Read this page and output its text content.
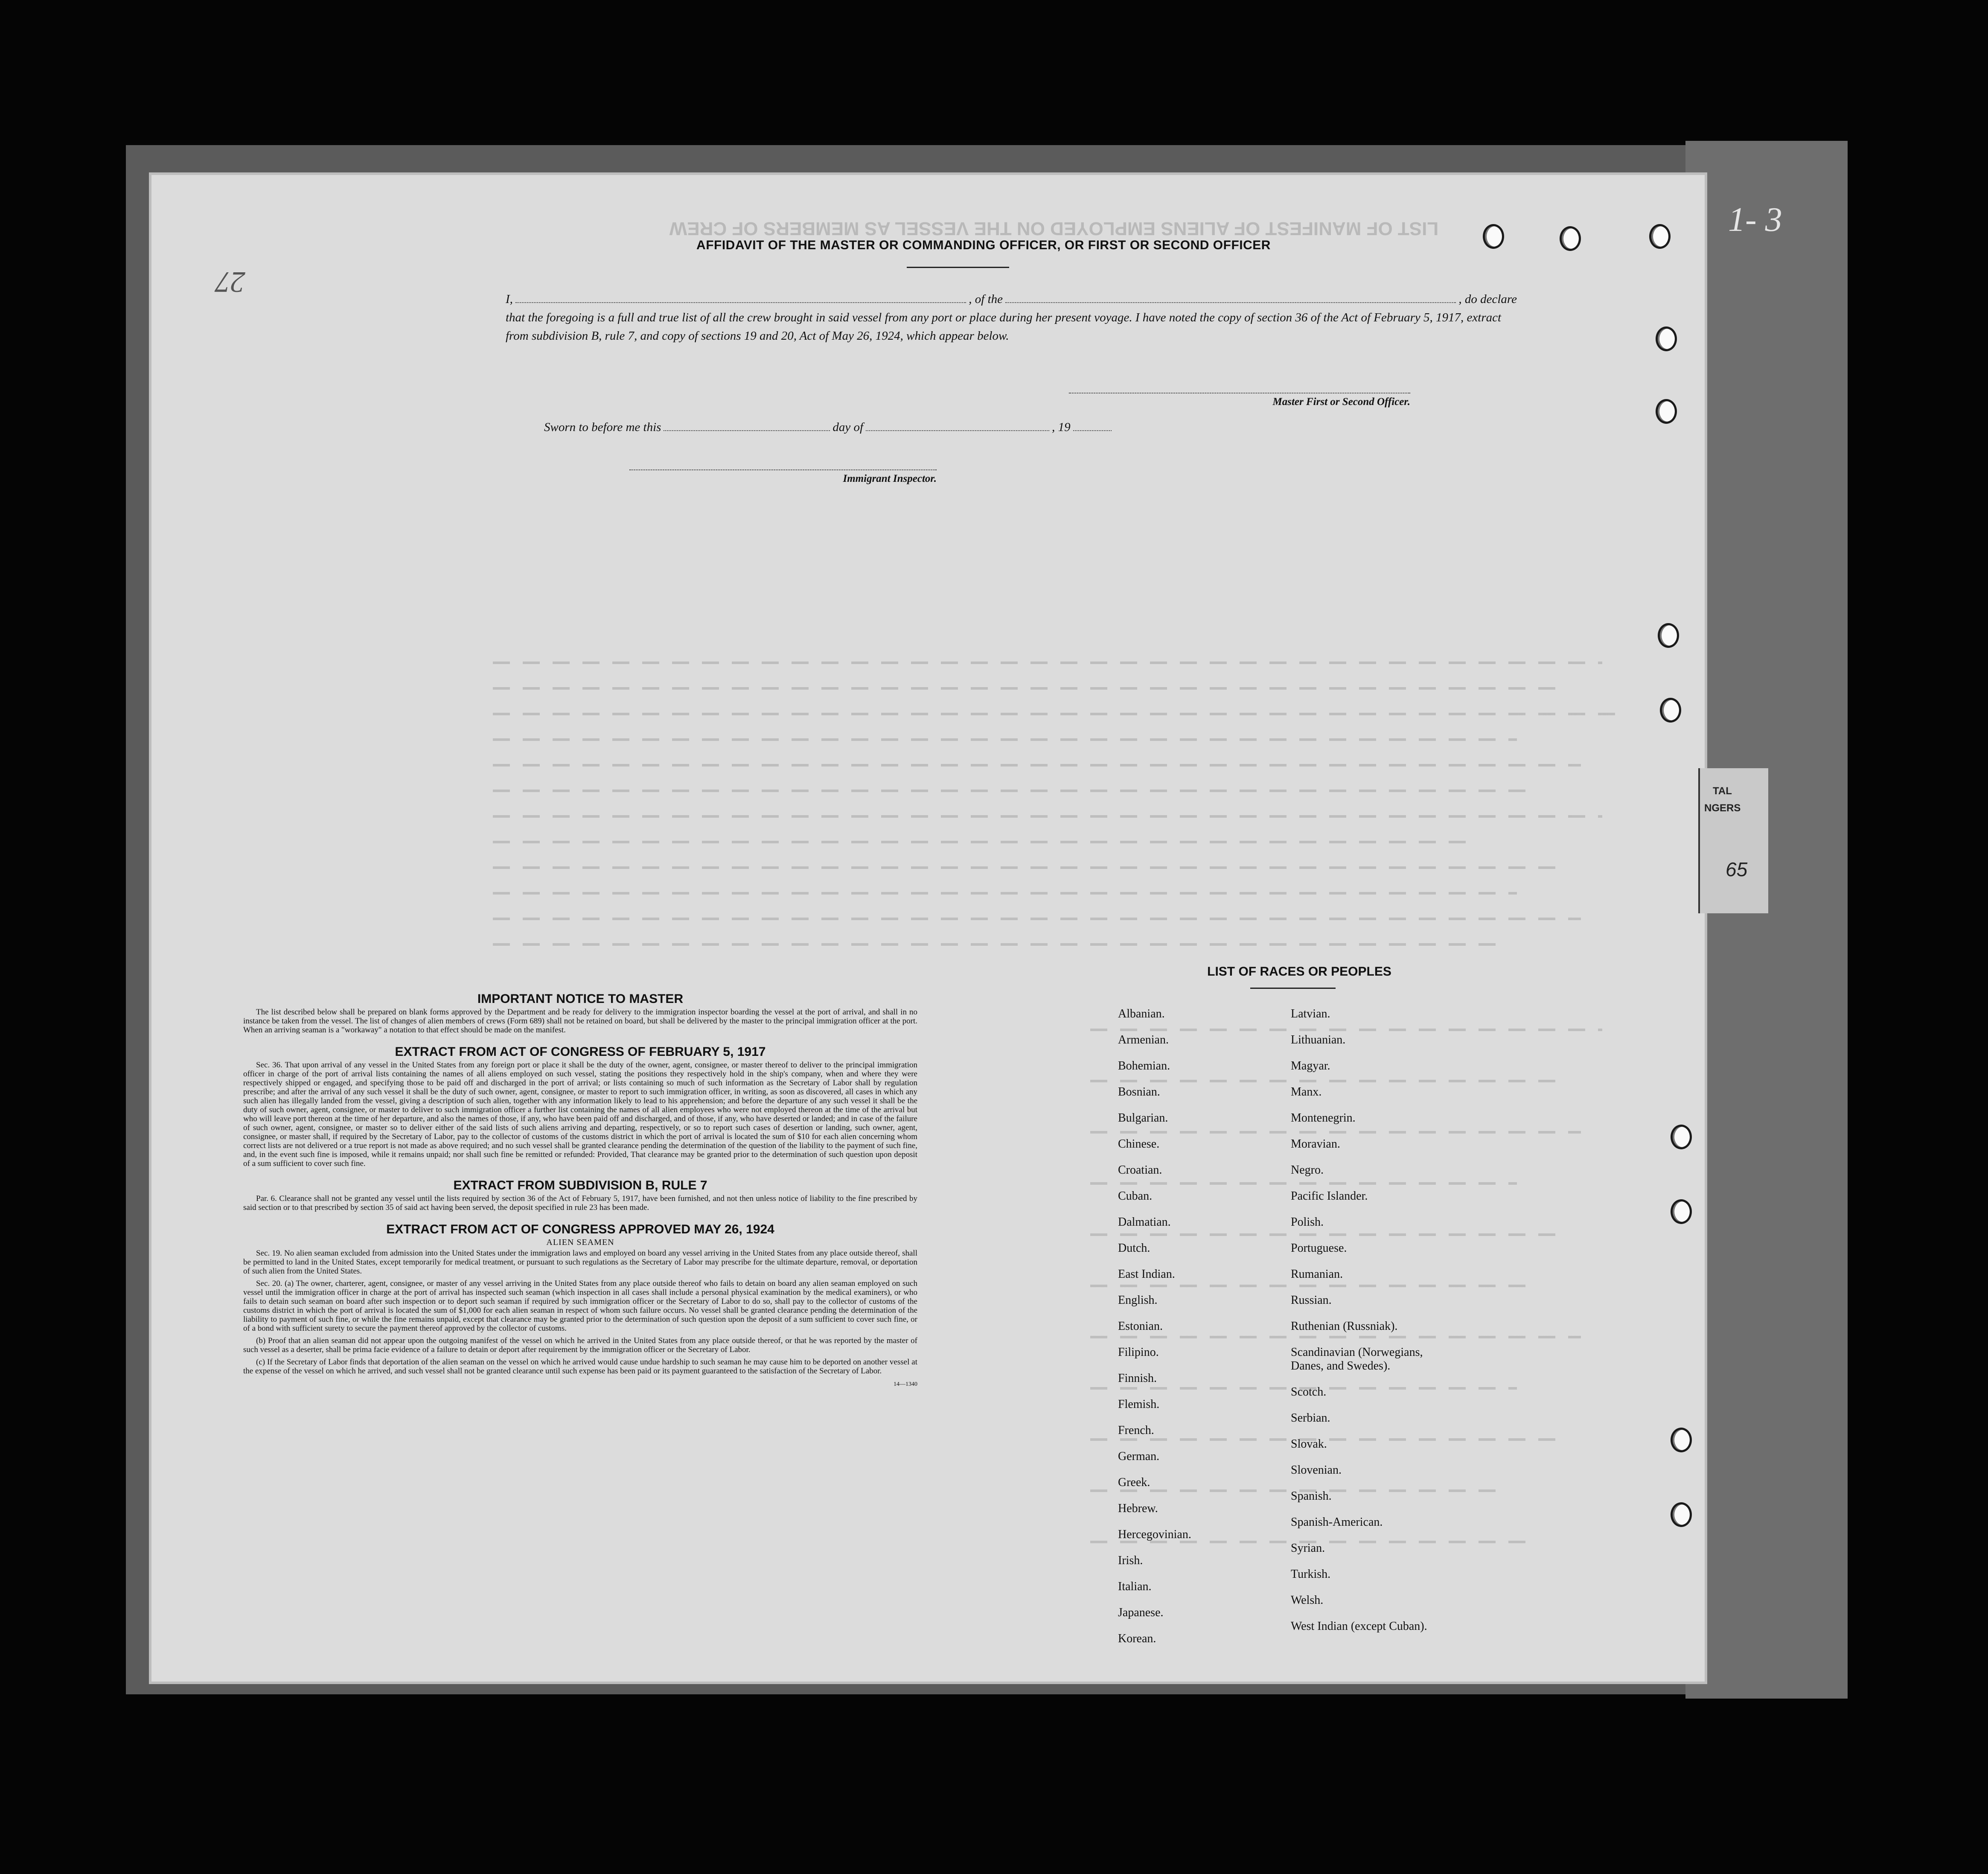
1- 3
LIST OF MANIFEST OF ALIENS EMPLOYED ON THE VESSEL AS MEMBERS OF CREW
27
AFFIDAVIT OF THE MASTER OR COMMANDING OFFICER, OR FIRST OR SECOND OFFICER
I,	, of the	, do declare
that the foregoing is a full and true list of all the crew brought in said vessel from any port or place during her present voyage. I have noted the copy of section 36 of the Act of February 5, 1917, extract from subdivision B, rule 7, and copy of sections 19 and 20, Act of May 26, 1924, which appear below.
Master First or Second Officer.
Sworn to before me this	day of	, 19
Immigrant Inspector.
IMPORTANT NOTICE TO MASTER

The list described below shall be prepared on blank forms approved by the Department and be ready for delivery to the immigration inspector boarding the vessel at the port of arrival, and shall in no instance be taken from the vessel. The list of changes of alien members of crews (Form 689) shall not be retained on board, but shall be delivered by the master to the principal immigration officer at the port. When an arriving seaman is a "workaway" a notation to that effect should be made on the manifest.

EXTRACT FROM ACT OF CONGRESS OF FEBRUARY 5, 1917

Sec. 36. That upon arrival of any vessel in the United States from any foreign port or place it shall be the duty of the owner, agent, consignee, or master thereof to deliver to the principal immigration officer in charge of the port of arrival lists containing the names of all aliens employed on such vessel, stating the positions they respectively hold in the ship's company, when and where they were respectively shipped or engaged, and specifying those to be paid off and discharged in the port of arrival; or lists containing so much of such information as the Secretary of Labor shall by regulation prescribe; and after the arrival of any such vessel it shall be the duty of such owner, agent, consignee, or master to report to such immigration officer, in writing, as soon as discovered, all cases in which any such alien has illegally landed from the vessel, giving a description of such alien, together with any information likely to lead to his apprehension; and before the departure of any such vessel it shall be the duty of such owner, agent, consignee, or master to deliver to such immigration officer a further list containing the names of all alien employees who were not employed thereon at the time of the arrival but who will leave port thereon at the time of her departure, and also the names of those, if any, who have been paid off and discharged, and of those, if any, who have deserted or landed; and in case of the failure of such owner, agent, consignee, or master so to deliver either of the said lists of such aliens arriving and departing, respectively, or so to report such cases of desertion or landing, such owner, agent, consignee, or master shall, if required by the Secretary of Labor, pay to the collector of customs of the customs district in which the port of arrival is located the sum of $10 for each alien concerning whom correct lists are not delivered or a true report is not made as above required; and no such vessel shall be granted clearance pending the determination of the question of the liability to the payment of such fine, and, in the event such fine is imposed, while it remains unpaid; nor shall such fine be remitted or refunded: Provided, That clearance may be granted prior to the determination of such question upon deposit of a sum sufficient to cover such fine.

EXTRACT FROM SUBDIVISION B, RULE 7

Par. 6. Clearance shall not be granted any vessel until the lists required by section 36 of the Act of February 5, 1917, have been furnished, and not then unless notice of liability to the fine prescribed by said section or to that prescribed by section 35 of said act having been served, the deposit specified in rule 23 has been made.

EXTRACT FROM ACT OF CONGRESS APPROVED MAY 26, 1924
ALIEN SEAMEN

Sec. 19. No alien seaman excluded from admission into the United States under the immigration laws and employed on board any vessel arriving in the United States from any place outside thereof, shall be permitted to land in the United States, except temporarily for medical treatment, or pursuant to such regulations as the Secretary of Labor may prescribe for the ultimate departure, removal, or deportation of such alien from the United States.

Sec. 20. (a) The owner, charterer, agent, consignee, or master of any vessel arriving in the United States from any place outside thereof who fails to detain on board any alien seaman employed on such vessel until the immigration officer in charge at the port of arrival has inspected such seaman (which inspection in all cases shall include a personal physical examination by the medical examiners), or who fails to detain such seaman on board after such inspection or to deport such seaman if required by such immigration officer or the Secretary of Labor to do so, shall pay to the collector of customs of the customs district in which the port of arrival is located the sum of $1,000 for each alien seaman in respect of whom such failure occurs. No vessel shall be granted clearance pending the determination of the liability to payment of such fine, or while the fine remains unpaid, except that clearance may be granted prior to the determination of such question upon the deposit of a sum sufficient to cover such fine, or of a bond with sufficient surety to secure the payment thereof approved by the collector of customs.

(b) Proof that an alien seaman did not appear upon the outgoing manifest of the vessel on which he arrived in the United States from any place outside thereof, or that he was reported by the master of such vessel as a deserter, shall be prima facie evidence of a failure to detain or deport after requirement by the immigration officer or the Secretary of Labor.

(c) If the Secretary of Labor finds that deportation of the alien seaman on the vessel on which he arrived would cause undue hardship to such seaman he may cause him to be deported on another vessel at the expense of the vessel on which he arrived, and such vessel shall not be granted clearance until such expense has been paid or its payment guaranteed to the satisfaction of the Secretary of Labor.

14—1340
LIST OF RACES OR PEOPLES
Albanian.
Armenian.
Bohemian.
Bosnian.
Bulgarian.
Chinese.
Croatian.
Cuban.
Dalmatian.
Dutch.
East Indian.
English.
Estonian.
Filipino.
Finnish.
Flemish.
French.
German.
Greek.
Hebrew.
Hercegovinian.
Irish.
Italian.
Japanese.
Korean.
Latvian.
Lithuanian.
Magyar.
Manx.
Montenegrin.
Moravian.
Negro.
Pacific Islander.
Polish.
Portuguese.
Rumanian.
Russian.
Ruthenian (Russniak).
Scandinavian (Norwegians,
Danes, and Swedes).
Scotch.
Serbian.
Slovak.
Slovenian.
Spanish.
Spanish-American.
Syrian.
Turkish.
Welsh.
West Indian (except Cuban).
TAL
NGERS
65
